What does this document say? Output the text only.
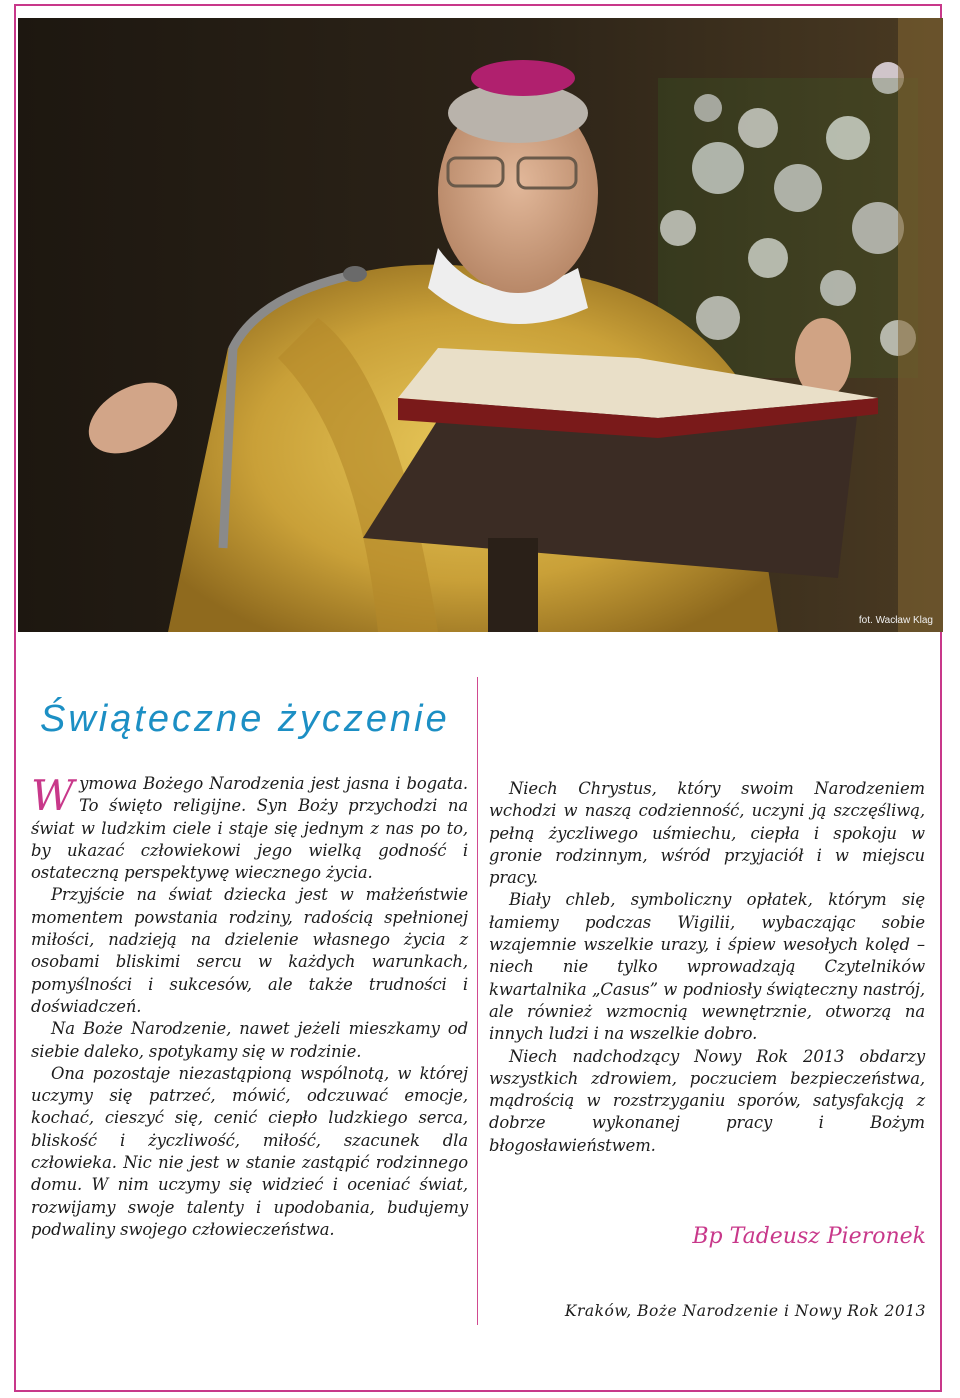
fot. Wacław Klag
Świąteczne życzenie

Wymowa Bożego Narodzenia jest jasna i bogata. To święto religijne. Syn Boży przychodzi na świat w ludzkim ciele i staje się jednym z nas po to, by ukazać człowiekowi jego wielką godność i ostateczną perspektywę wiecznego życia.

Przyjście na świat dziecka jest w małżeństwie momentem powstania rodziny, radością spełnionej miłości, nadzieją na dzielenie własnego życia z osobami bliskimi sercu w każdych warunkach, pomyślności i sukcesów, ale także trudności i doświadczeń.

Na Boże Narodzenie, nawet jeżeli mieszkamy od siebie daleko, spotykamy się w rodzinie.

Ona pozostaje niezastąpioną wspólnotą, w której uczymy się patrzeć, mówić, odczuwać emocje, kochać, cieszyć się, cenić ciepło ludzkiego serca, bliskość i życzliwość, miłość, szacunek dla człowieka. Nic nie jest w stanie zastąpić rodzinnego domu. W nim uczymy się widzieć i oceniać świat, rozwijamy swoje talenty i upodobania, budujemy podwaliny swojego człowieczeństwa.

Niech Chrystus, który swoim Narodzeniem wchodzi w naszą codzienność, uczyni ją szczęśliwą, pełną życzliwego uśmiechu, ciepła i spokoju w gronie rodzinnym, wśród przyjaciół i w miejscu pracy.

Biały chleb, symboliczny opłatek, którym się łamiemy podczas Wigilii, wybaczając sobie wzajemnie wszelkie urazy, i śpiew wesołych kolęd – niech nie tylko wprowadzają Czytelników kwartalnika „Casus” w podniosły świąteczny nastrój, ale również wzmocnią wewnętrznie, otworzą na innych ludzi i na wszelkie dobro.

Niech nadchodzący Nowy Rok 2013 obdarzy wszystkich zdrowiem, poczuciem bezpieczeństwa, mądrością w rozstrzyganiu sporów, satysfakcją z dobrze wykonanej pracy i Bożym błogosławieństwem.

Bp Tadeusz Pieronek
Kraków, Boże Narodzenie i Nowy Rok 2013
